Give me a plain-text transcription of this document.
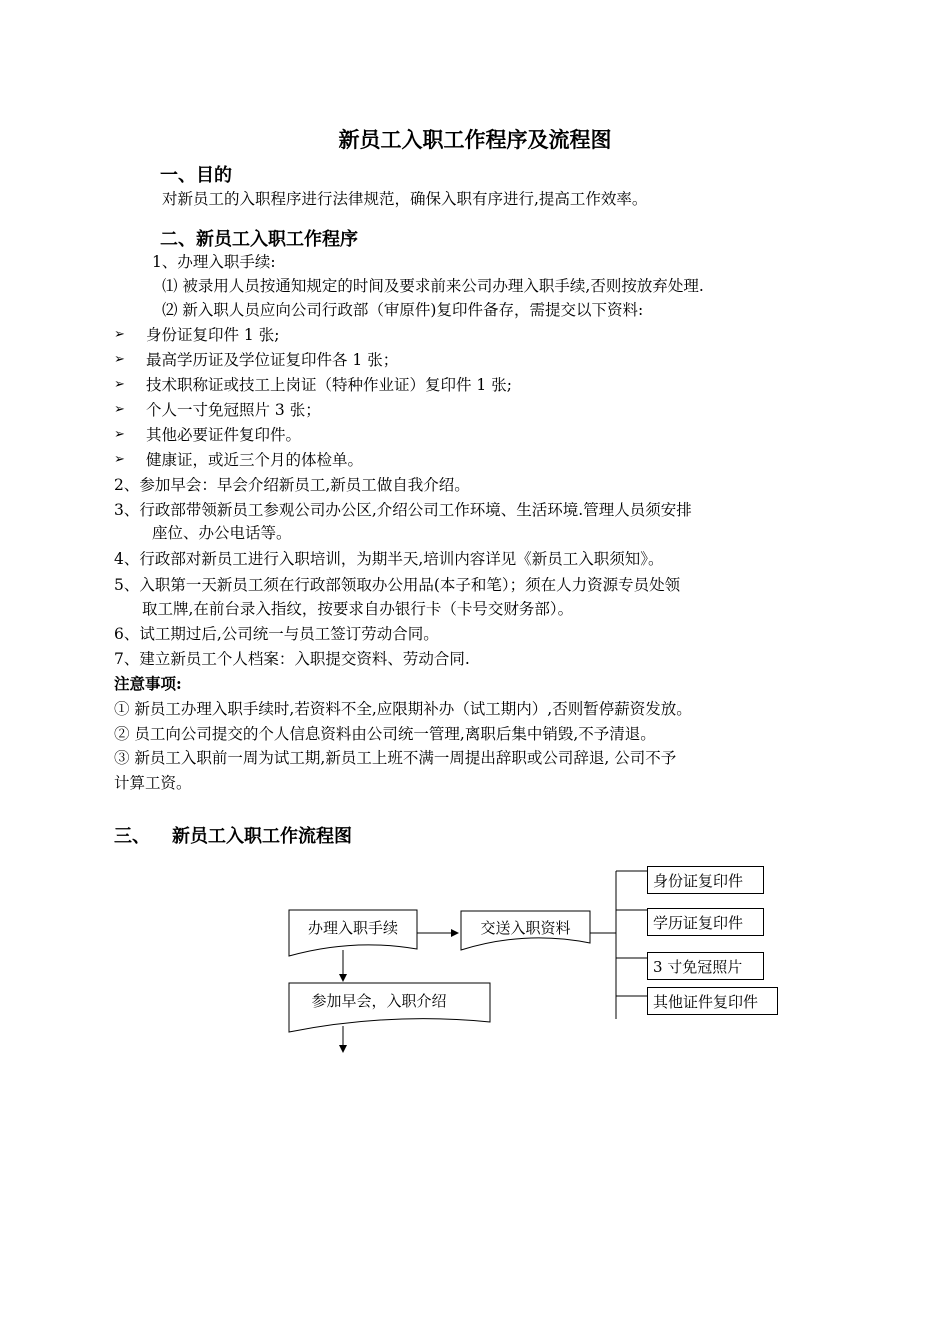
新员工入职工作程序及流程图
一、目的
对新员工的入职程序进行法律规范，确保入职有序进行,提高工作效率。
二、新员工入职工作程序
1、办理入职手续:
⑴ 被录用人员按通知规定的时间及要求前来公司办理入职手续,否则按放弃处理.
⑵ 新入职人员应向公司行政部（审原件)复印件备存，需提交以下资料:
➢ 身份证复印件 1 张;
➢ 最高学历证及学位证复印件各 1 张；
➢ 技术职称证或技工上岗证（特种作业证）复印件 1 张;
➢ 个人一寸免冠照片 3 张；
➢ 其他必要证件复印件。
➢ 健康证，或近三个月的体检单。
2、参加早会：早会介绍新员工,新员工做自我介绍。
3、行政部带领新员工参观公司办公区,介绍公司工作环境、生活环境.管理人员须安排
座位、办公电话等。
4、行政部对新员工进行入职培训，为期半天,培训内容详见《新员工入职须知》。
5、入职第一天新员工须在行政部领取办公用品(本子和笔）；须在人力资源专员处领
取工牌,在前台录入指纹，按要求自办银行卡（卡号交财务部）。
6、试工期过后,公司统一与员工签订劳动合同。
7、建立新员工个人档案：入职提交资料、劳动合同.
注意事项:
① 新员工办理入职手续时,若资料不全,应限期补办（试工期内）,否则暂停薪资发放。
② 员工向公司提交的个人信息资料由公司统一管理,离职后集中销毁,不予清退。
③ 新员工入职前一周为试工期,新员工上班不满一周提出辞职或公司辞退, 公司不予
计算工资。
三、 新员工入职工作流程图
办理入职手续	交送入职资料
参加早会，入职介绍
身份证复印件
学历证复印件
3 寸免冠照片
其他证件复印件
